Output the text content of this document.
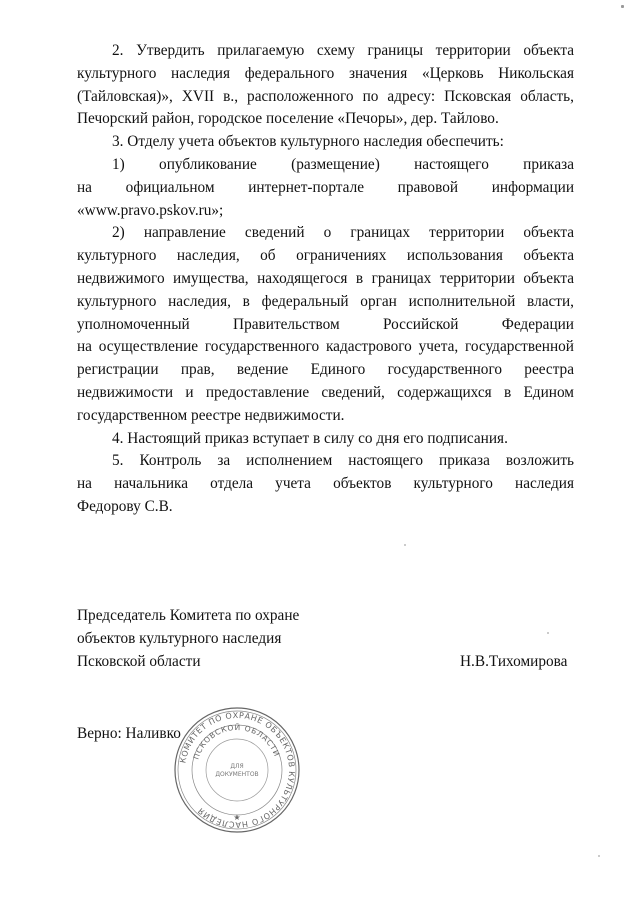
2. Утвердить прилагаемую схему границы территории объекта
культурного наследия федерального значения «Церковь Никольская
(Тайловская)», XVII в., расположенного по адресу: Псковская область,
Печорский район, городское поселение «Печоры», дер. Тайлово.
3. Отделу учета объектов культурного наследия обеспечить:
1) опубликование (размещение) настоящего приказа
на официальном интернет-портале правовой информации
«www.pravo.pskov.ru»;
2) направление сведений о границах территории объекта
культурного наследия, об ограничениях использования объекта
недвижимого имущества, находящегося в границах территории объекта
культурного наследия, в федеральный орган исполнительной власти,
уполномоченный Правительством Российской Федерации
на осуществление государственного кадастрового учета, государственной
регистрации прав, ведение Единого государственного реестра
недвижимости и предоставление сведений, содержащихся в Едином
государственном реестре недвижимости.
4. Настоящий приказ вступает в силу со дня его подписания.
5. Контроль за исполнением настоящего приказа возложить
на начальника отдела учета объектов культурного наследия
Федорову С.В.
Председатель Комитета по охране
объектов культурного наследия
Псковской области	Н.В.Тихомирова
Верно: Наливко
КОМИТЕТ ПО ОХРАНЕ ОБЪЕКТОВ КУЛЬТУРНОГО НАСЛЕДИЯ
ПСКОВСКОЙ ОБЛАСТИ
ДЛЯ
ДОКУМЕНТОВ
★
